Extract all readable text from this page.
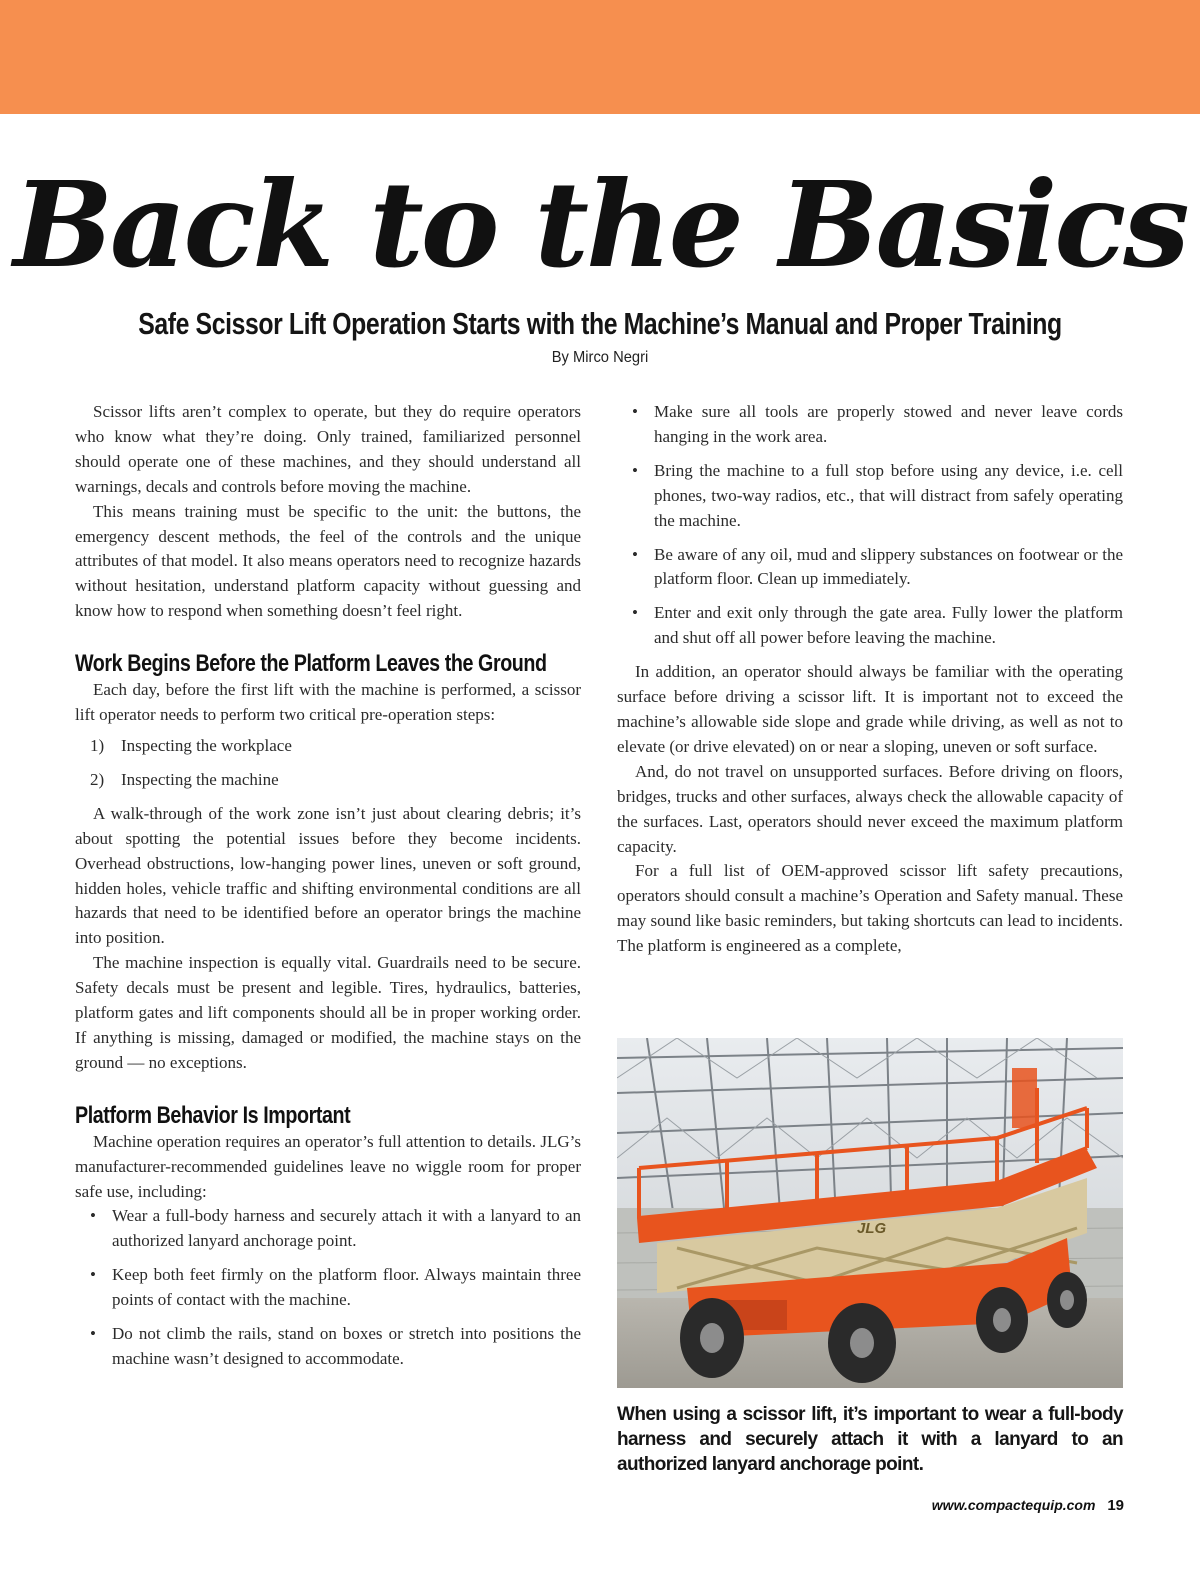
Back to the Basics
Safe Scissor Lift Operation Starts with the Machine’s Manual and Proper Training
By Mirco Negri

Scissor lifts aren’t complex to operate, but they do require operators who know what they’re doing. Only trained, familiarized personnel should operate one of these machines, and they should understand all warnings, decals and controls before moving the machine.

This means training must be specific to the unit: the buttons, the emergency descent methods, the feel of the controls and the unique attributes of that model. It also means operators need to recognize hazards without hesitation, understand platform capacity without guessing and know how to respond when something doesn’t feel right.

Work Begins Before the Platform Leaves the Ground

Each day, before the first lift with the machine is performed, a scissor lift operator needs to perform two critical pre-operation steps:

1) Inspecting the workplace
2) Inspecting the machine

A walk-through of the work zone isn’t just about clearing debris; it’s about spotting the potential issues before they become incidents. Overhead obstructions, low-hanging power lines, uneven or soft ground, hidden holes, vehicle traffic and shifting environmental conditions are all hazards that need to be identified before an operator brings the machine into position.

The machine inspection is equally vital. Guardrails need to be secure. Safety decals must be present and legible. Tires, hydraulics, batteries, platform gates and lift components should all be in proper working order. If anything is missing, damaged or modified, the machine stays on the ground — no exceptions.

Platform Behavior Is Important

Machine operation requires an operator’s full attention to details. JLG’s manufacturer-recommended guidelines leave no wiggle room for proper safe use, including:

• Wear a full-body harness and securely attach it with a lanyard to an authorized lanyard anchorage point.
• Keep both feet firmly on the platform floor. Always maintain three points of contact with the machine.
• Do not climb the rails, stand on boxes or stretch into positions the machine wasn’t designed to accommodate.
• Make sure all tools are properly stowed and never leave cords hanging in the work area.
• Bring the machine to a full stop before using any device, i.e. cell phones, two-way radios, etc., that will distract from safely operating the machine.
• Be aware of any oil, mud and slippery substances on footwear or the platform floor. Clean up immediately.
• Enter and exit only through the gate area. Fully lower the platform and shut off all power before leaving the machine.

In addition, an operator should always be familiar with the operating surface before driving a scissor lift. It is important not to exceed the machine’s allowable side slope and grade while driving, as well as not to elevate (or drive elevated) on or near a sloping, uneven or soft surface.

And, do not travel on unsupported surfaces. Before driving on floors, bridges, trucks and other surfaces, always check the allowable capacity of the surfaces. Last, operators should never exceed the maximum platform capacity.

For a full list of OEM-approved scissor lift safety precautions, operators should consult a machine’s Operation and Safety manual. These may sound like basic reminders, but taking shortcuts can lead to incidents. The platform is engineered as a complete,

JLG

When using a scissor lift, it’s important to wear a full-body harness and securely attach it with a lanyard to an authorized lanyard anchorage point.

www.compactequip.com 19
